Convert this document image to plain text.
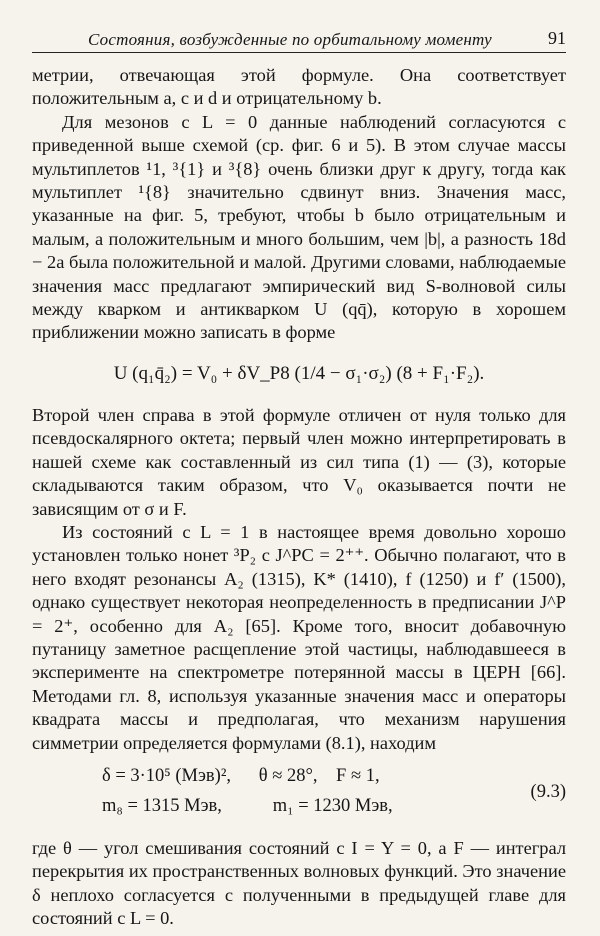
Состояния, возбужденные по орбитальному моменту	91

метрии, отвечающая этой формуле. Она соответствует положительным a, c и d и отрицательному b.

Для мезонов с L = 0 данные наблюдений согласуются с приведенной выше схемой (ср. фиг. 6 и 5). В этом случае массы мультиплетов ¹1, ³{1} и ³{8} очень близки друг к другу, тогда как мультиплет ¹{8} значительно сдвинут вниз. Значения масс, указанные на фиг. 5, требуют, чтобы b было отрицательным и малым, a положительным и много большим, чем |b|, а разность 18d − 2a была положительной и малой. Другими словами, наблюдаемые значения масс предлагают эмпирический вид S-волновой силы между кварком и антикварком U (qq̄), которую в хорошем приближении можно записать в форме

U (q₁q̄₂) = V₀ + δV_P8 (1/4 − σ₁·σ₂) (8 + F₁·F₂).

Второй член справа в этой формуле отличен от нуля только для псевдоскалярного октета; первый член можно интерпретировать в нашей схеме как составленный из сил типа (1) — (3), которые складываются таким образом, что V₀ оказывается почти не зависящим от σ и F.

Из состояний с L = 1 в настоящее время довольно хорошо установлен только нонет ³P₂ с J^PC = 2⁺⁺. Обычно полагают, что в него входят резонансы A₂ (1315), K* (1410), f (1250) и f′ (1500), однако существует некоторая неопределенность в предписании J^P = 2⁺, особенно для A₂ [65]. Кроме того, вносит добавочную путаницу заметное расщепление этой частицы, наблюдавшееся в эксперименте на спектрометре потерянной массы в ЦЕРН [66]. Методами гл. 8, используя указанные значения масс и операторы квадрата массы и предполагая, что механизм нарушения симметрии определяется формулами (8.1), находим

δ = 3·10⁵ (Мэв)²,      θ ≈ 28°,    F ≈ 1,
m₈ = 1315 Мэв,           m₁ = 1230 Мэв,
(9.3)

где θ — угол смешивания состояний с I = Y = 0, а F — интеграл перекрытия их пространственных волновых функций. Это значение δ неплохо согласуется с полученными в предыдущей главе для состояний с L = 0.
